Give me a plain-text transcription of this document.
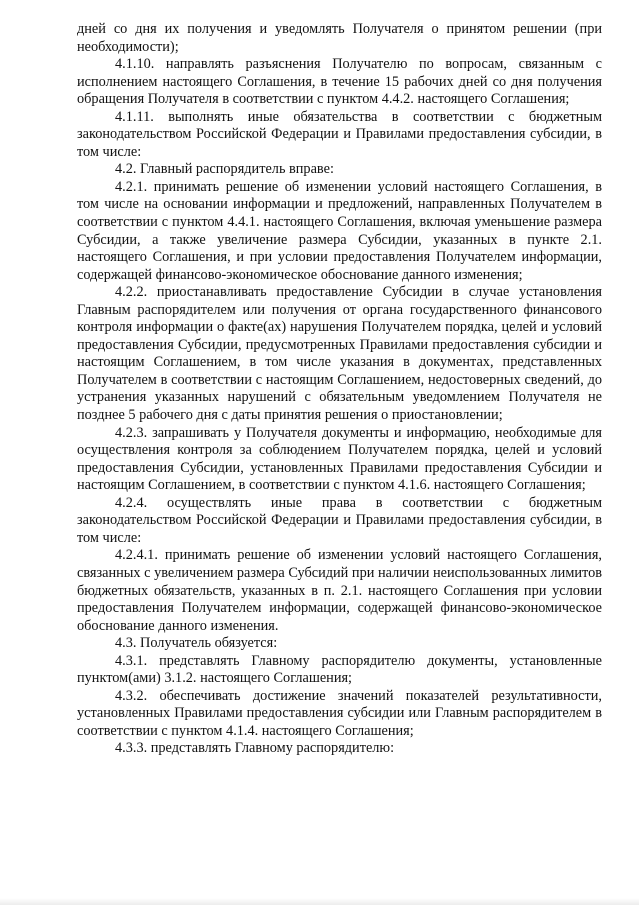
дней со дня их получения и уведомлять Получателя о принятом решении (при необходимости);

4.1.10. направлять разъяснения Получателю по вопросам, связанным с исполнением настоящего Соглашения, в течение 15 рабочих дней со дня получения обращения Получателя в соответствии с пунктом 4.4.2. настоящего Соглашения;

4.1.11. выполнять иные обязательства в соответствии с бюджетным законодательством Российской Федерации и Правилами предоставления субсидии, в том числе:

4.2. Главный распорядитель вправе:

4.2.1. принимать решение об изменении условий настоящего Соглашения, в том числе на основании информации и предложений, направленных Получателем в соответствии с пунктом 4.4.1. настоящего Соглашения, включая уменьшение размера Субсидии, а также увеличение размера Субсидии, указанных в пункте 2.1. настоящего Соглашения, и при условии предоставления Получателем информации, содержащей финансово-экономическое обоснование данного изменения;

4.2.2. приостанавливать предоставление Субсидии в случае установления Главным распорядителем или получения от органа государственного финансового контроля информации о факте(ах) нарушения Получателем порядка, целей и условий предоставления Субсидии, предусмотренных Правилами предоставления субсидии и настоящим Соглашением, в том числе указания в документах, представленных Получателем в соответствии с настоящим Соглашением, недостоверных сведений, до устранения указанных нарушений с обязательным уведомлением Получателя не позднее 5 рабочего дня с даты принятия решения о приостановлении;

4.2.3. запрашивать у Получателя документы и информацию, необходимые для осуществления контроля за соблюдением Получателем порядка, целей и условий предоставления Субсидии, установленных Правилами предоставления Субсидии и настоящим Соглашением, в соответствии с пунктом 4.1.6. настоящего Соглашения;

4.2.4. осуществлять иные права в соответствии с бюджетным законодательством Российской Федерации и Правилами предоставления субсидии, в том числе:

4.2.4.1. принимать решение об изменении условий настоящего Соглашения, связанных с увеличением размера Субсидий при наличии неиспользованных лимитов бюджетных обязательств, указанных в п. 2.1. настоящего Соглашения при условии предоставления Получателем информации, содержащей финансово-экономическое обоснование данного изменения.

4.3. Получатель обязуется:

4.3.1. представлять Главному распорядителю документы, установленные пунктом(ами) 3.1.2. настоящего Соглашения;

4.3.2. обеспечивать достижение значений показателей результативности, установленных Правилами предоставления субсидии или Главным распорядителем в соответствии с пунктом 4.1.4. настоящего Соглашения;

4.3.3. представлять Главному распорядителю:
